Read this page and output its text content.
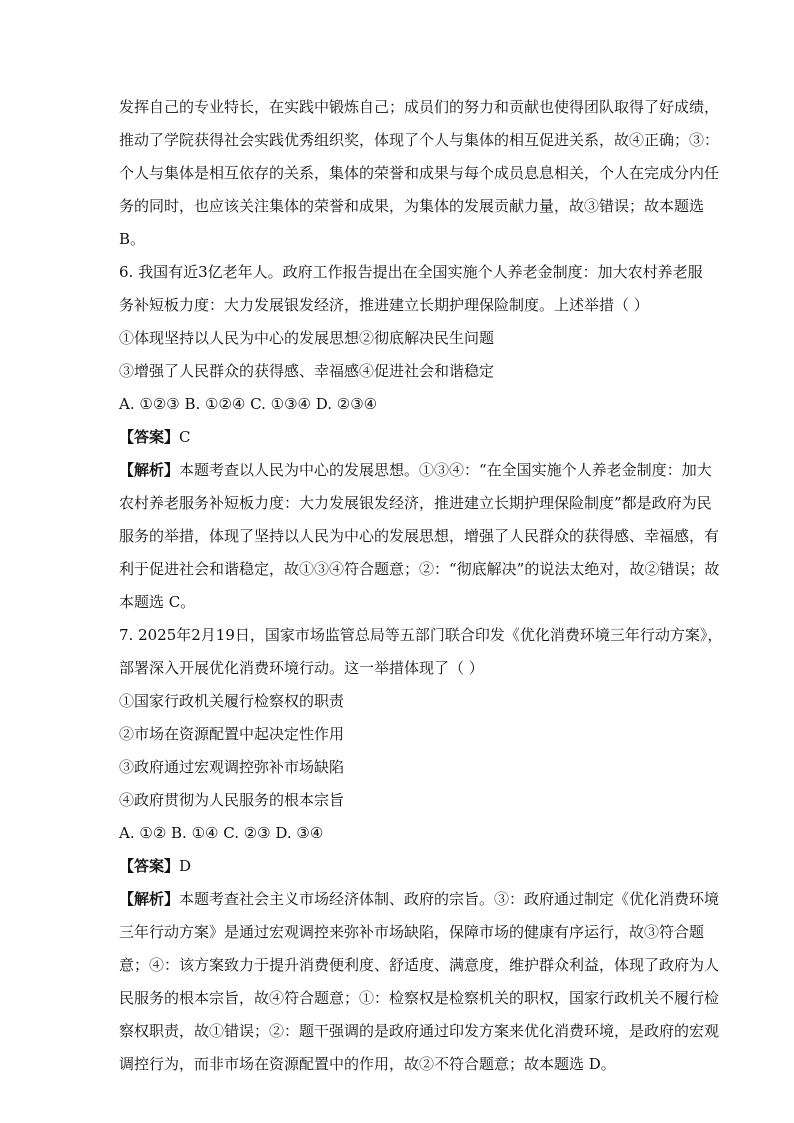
发挥自己的专业特长，在实践中锻炼自己；成员们的努力和贡献也使得团队取得了好成绩，

推动了学院获得社会实践优秀组织奖，体现了个人与集体的相互促进关系，故④正确；③：

个人与集体是相互依存的关系，集体的荣誉和成果与每个成员息息相关，个人在完成分内任

务的同时，也应该关注集体的荣誉和成果，为集体的发展贡献力量，故③错误；故本题选

B。

6. 我国有近3亿老年人。政府工作报告提出在全国实施个人养老金制度：加大农村养老服

务补短板力度：大力发展银发经济，推进建立长期护理保险制度。上述举措（ ）

①体现坚持以人民为中心的发展思想②彻底解决民生问题

③增强了人民群众的获得感、幸福感④促进社会和谐稳定

A. ①②③ B. ①②④ C. ①③④ D. ②③④

【答案】C

【解析】本题考查以人民为中心的发展思想。①③④：“在全国实施个人养老金制度：加大

农村养老服务补短板力度：大力发展银发经济，推进建立长期护理保险制度”都是政府为民

服务的举措，体现了坚持以人民为中心的发展思想，增强了人民群众的获得感、幸福感，有

利于促进社会和谐稳定，故①③④符合题意；②：“彻底解决”的说法太绝对，故②错误；故

本题选 C。

7. 2025年2月19日，国家市场监管总局等五部门联合印发《优化消费环境三年行动方案》，

部署深入开展优化消费环境行动。这一举措体现了（ ）

①国家行政机关履行检察权的职责

②市场在资源配置中起决定性作用

③政府通过宏观调控弥补市场缺陷

④政府贯彻为人民服务的根本宗旨

A. ①② B. ①④ C. ②③ D. ③④

【答案】D

【解析】本题考查社会主义市场经济体制、政府的宗旨。③：政府通过制定《优化消费环境

三年行动方案》是通过宏观调控来弥补市场缺陷，保障市场的健康有序运行，故③符合题

意；④：该方案致力于提升消费便利度、舒适度、满意度，维护群众利益，体现了政府为人

民服务的根本宗旨，故④符合题意；①：检察权是检察机关的职权，国家行政机关不履行检

察权职责，故①错误；②：题干强调的是政府通过印发方案来优化消费环境，是政府的宏观

调控行为，而非市场在资源配置中的作用，故②不符合题意；故本题选 D。
